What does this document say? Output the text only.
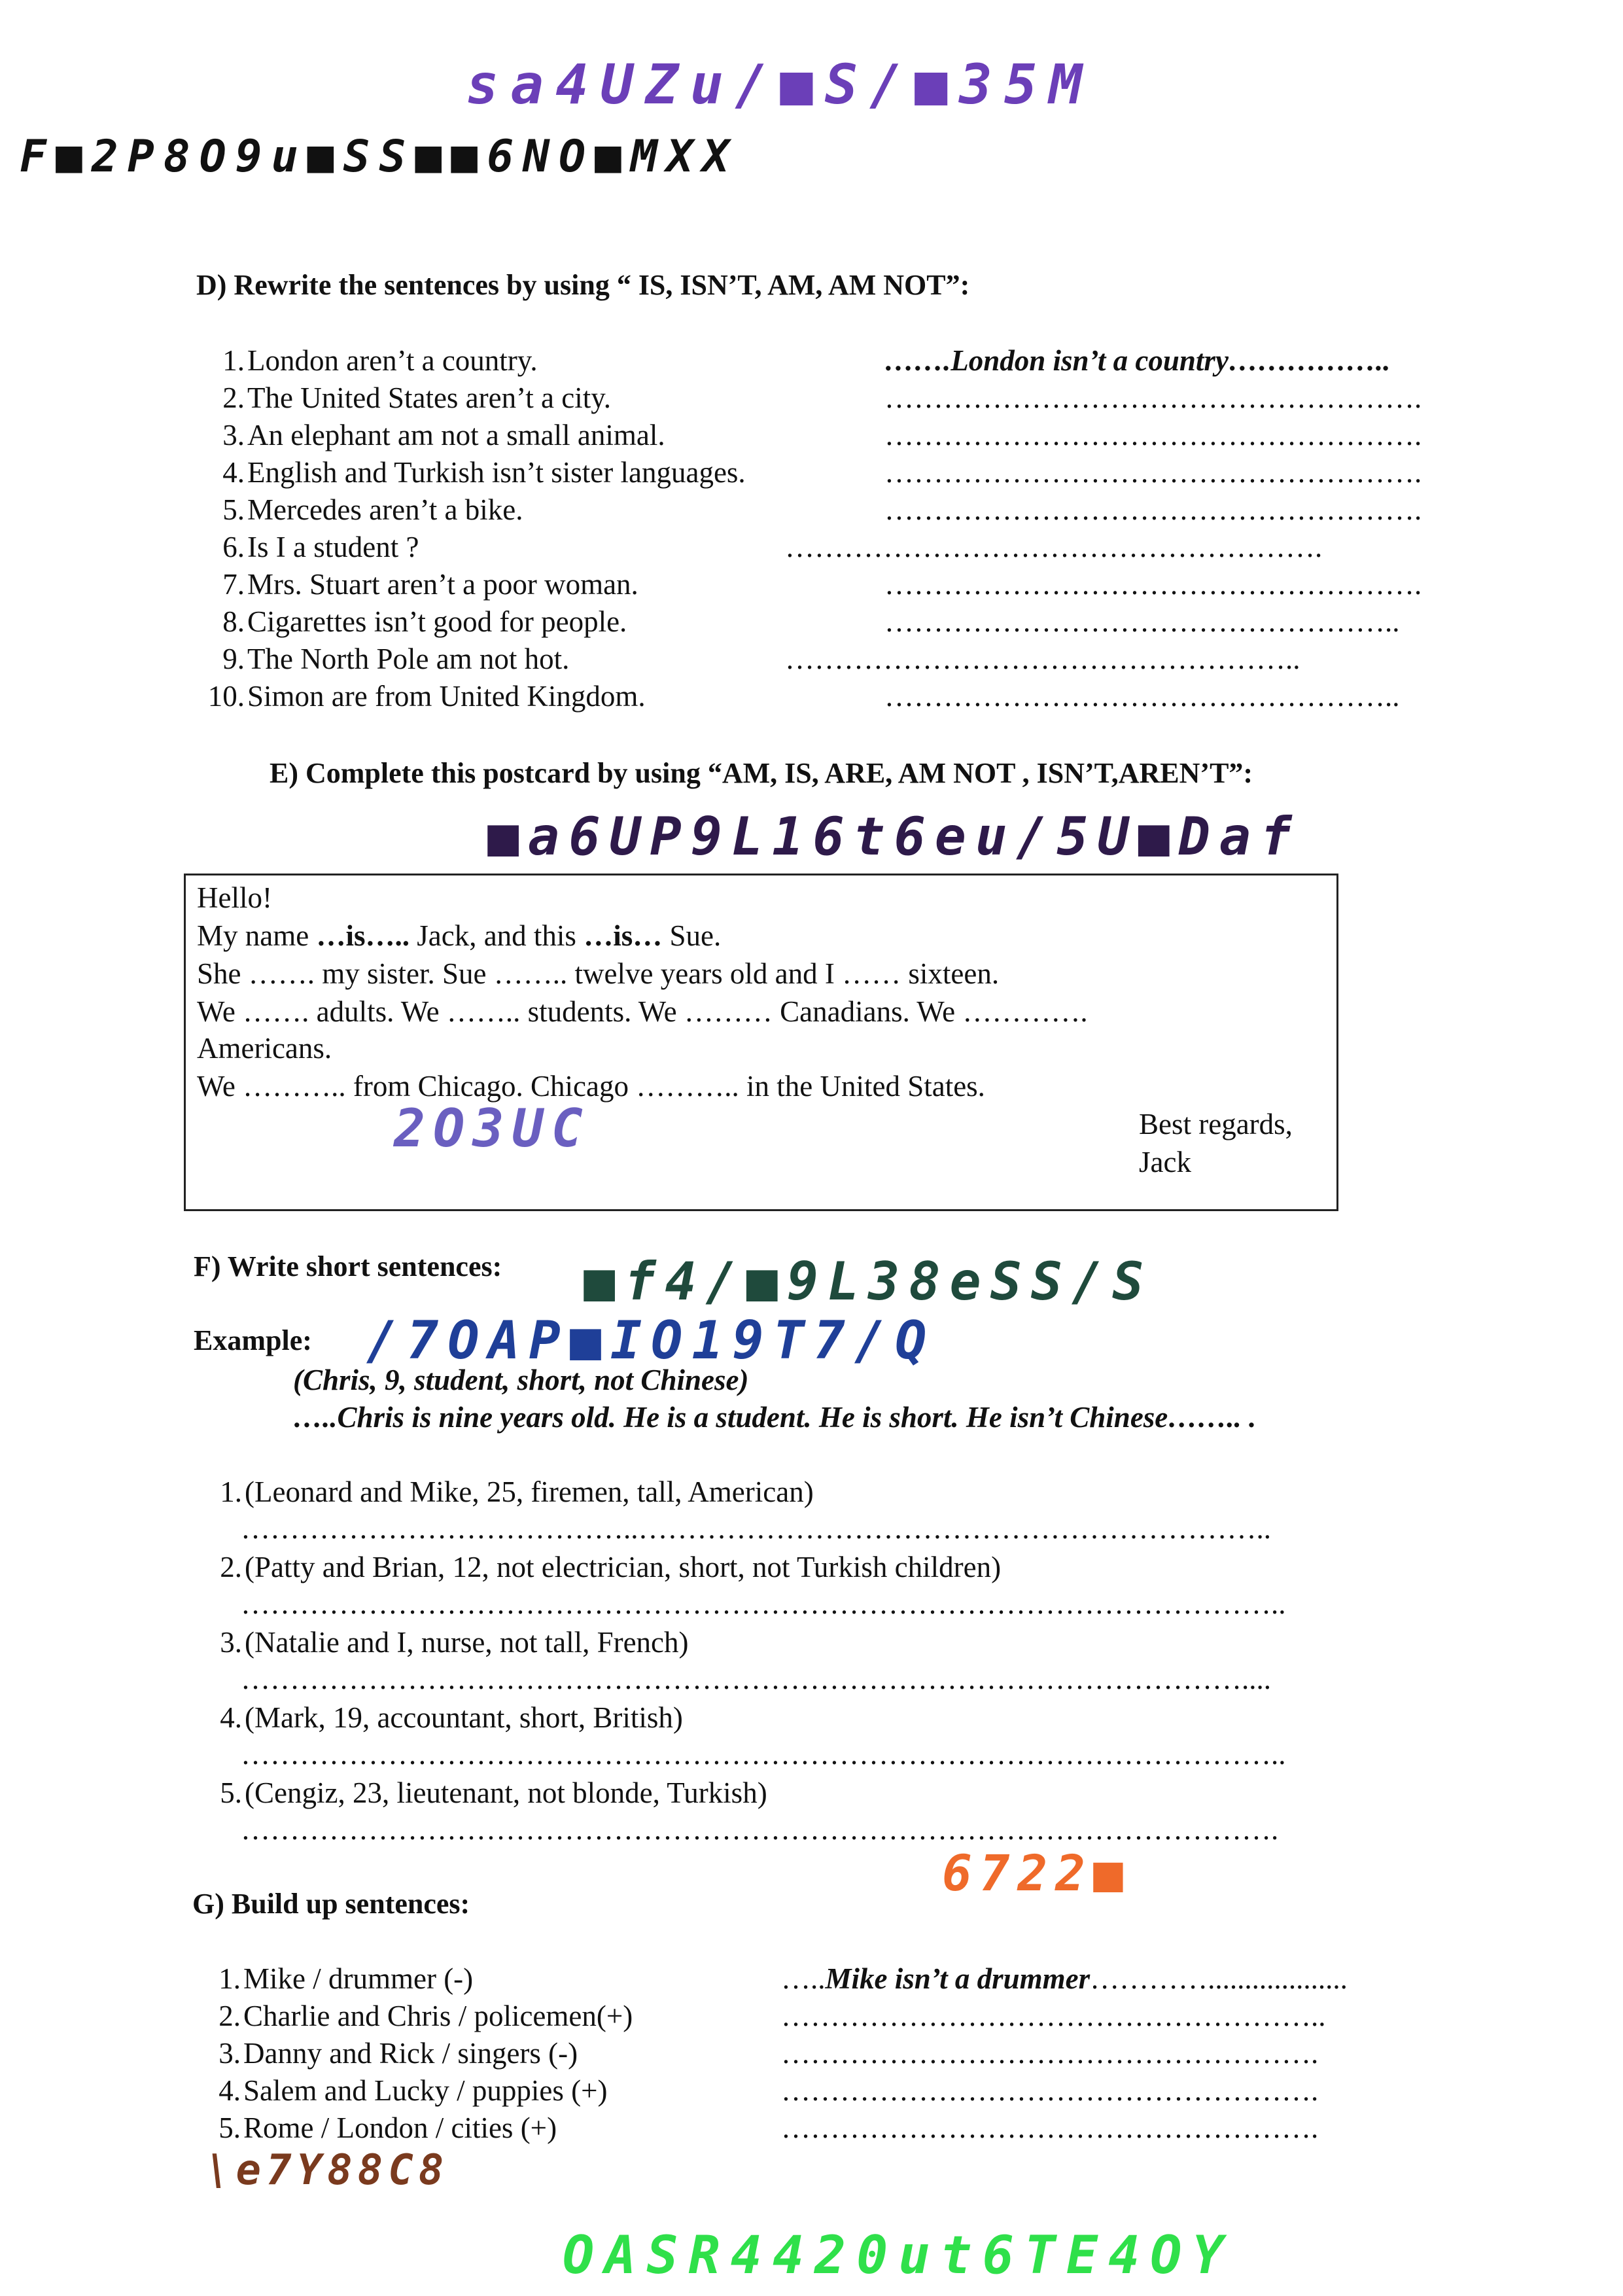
sa4UZu/■S/■35M
F■2P8O9u■SS■■6NO■MXX
D) Rewrite the sentences by using “ IS, ISN’T, AM, AM NOT”:
1.London aren’t a country.	…….London isn’t a country……………..
2.The United States aren’t a city.	……………………………………………….
3.An elephant am not a small animal.	……………………………………………….
4.English and Turkish isn’t sister languages.	……………………………………………….
5.Mercedes aren’t a bike.	……………………………………………….
6.Is I a student ?	……………………………………………….
7.Mrs. Stuart aren’t a poor woman.	……………………………………………….
8.Cigarettes isn’t good for people.	……………………………………………..
9.The North Pole am not hot.	……………………………………………..
10.Simon are from United Kingdom.	……………………………………………..
E) Complete this postcard by using “AM, IS, ARE, AM NOT , ISN’T,AREN’T”:
■a6UP9L16t6eu/5U■Daf
Hello!
My name …is….. Jack, and this …is… Sue.
She ……. my sister. Sue …….. twelve years old and I …… sixteen.
We ……. adults. We …….. students. We ……… Canadians. We ………….
Americans.
We ……….. from Chicago. Chicago ……….. in the United States.
2O3UC	Best regards,
Jack
F) Write short sentences: ■f4/■9L38eSS/S
Example: /7OAP■IO19T7/Q
(Chris, 9, student, short, not Chinese)
…..Chris is nine years old. He is a student. He is short. He isn’t Chinese…….. .
1.(Leonard and Mike, 25, firemen, tall, American)
…………………………………..………………………………………………………..
2.(Patty and Brian, 12, not electrician, short, not Turkish children)
……………………………………………………………………………………………..
3.(Natalie and I, nurse, not tall, French)
…………………………………………………………………………………………....
4.(Mark, 19, accountant, short, British)
……………………………………………………………………………………………..
5.(Cengiz, 23, lieutenant, not blonde, Turkish)
…………………………………………………………………………………………….
6722■
G) Build up sentences:
1.Mike / drummer (-)	…..Mike isn’t a drummer…………...................
2.Charlie and Chris / policemen(+)	………………………………………………..
3.Danny and Rick / singers (-)	……………………………………………….
4.Salem and Lucky / puppies (+)	……………………………………………….
5.Rome / London / cities (+)	……………………………………………….
\e7Y88C8
OASR4420ut6TE4OY
